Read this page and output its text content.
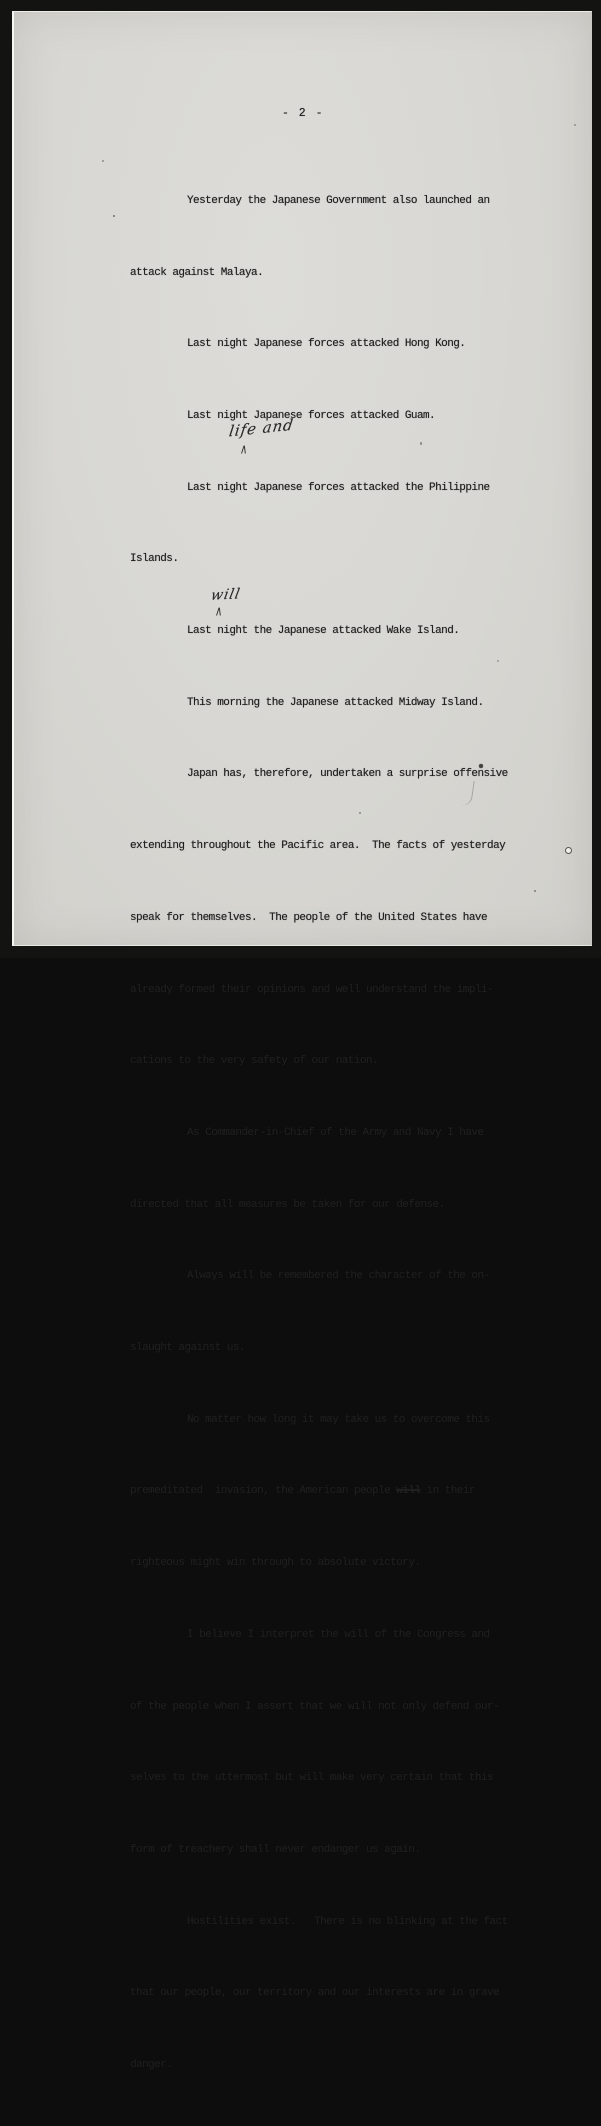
- 2 -

Yesterday the Japanese Government also launched an

attack against Malaya.

Last night Japanese forces attacked Hong Kong.

Last night Japanese forces attacked Guam.

Last night Japanese forces attacked the Philippine

Islands.

Last night the Japanese attacked Wake Island.

This morning the Japanese attacked Midway Island.

Japan has, therefore, undertaken a surprise offensive

extending throughout the Pacific area.  The facts of yesterday

speak for themselves.  The people of the United States have

already formed their opinions and well understand the impli-

cations to the very safety of our nation.

As Commander-in-Chief of the Army and Navy I have

directed that all measures be taken for our defense.

Always will be remembered the character of the on-

slaught against us.

No matter how long it may take us to overcome this

premeditated  invasion, the American people will in their

righteous might win through to absolute victory.

I believe I interpret the will of the Congress and

of the people when I assert that we will not only defend our-

selves to the uttermost but will make very certain that this

form of treachery shall never endanger us again.

Hostilities exist.   There is no blinking at the fact

that our people, our territory and our interests are in grave

danger.

life and
∧
will
∧
